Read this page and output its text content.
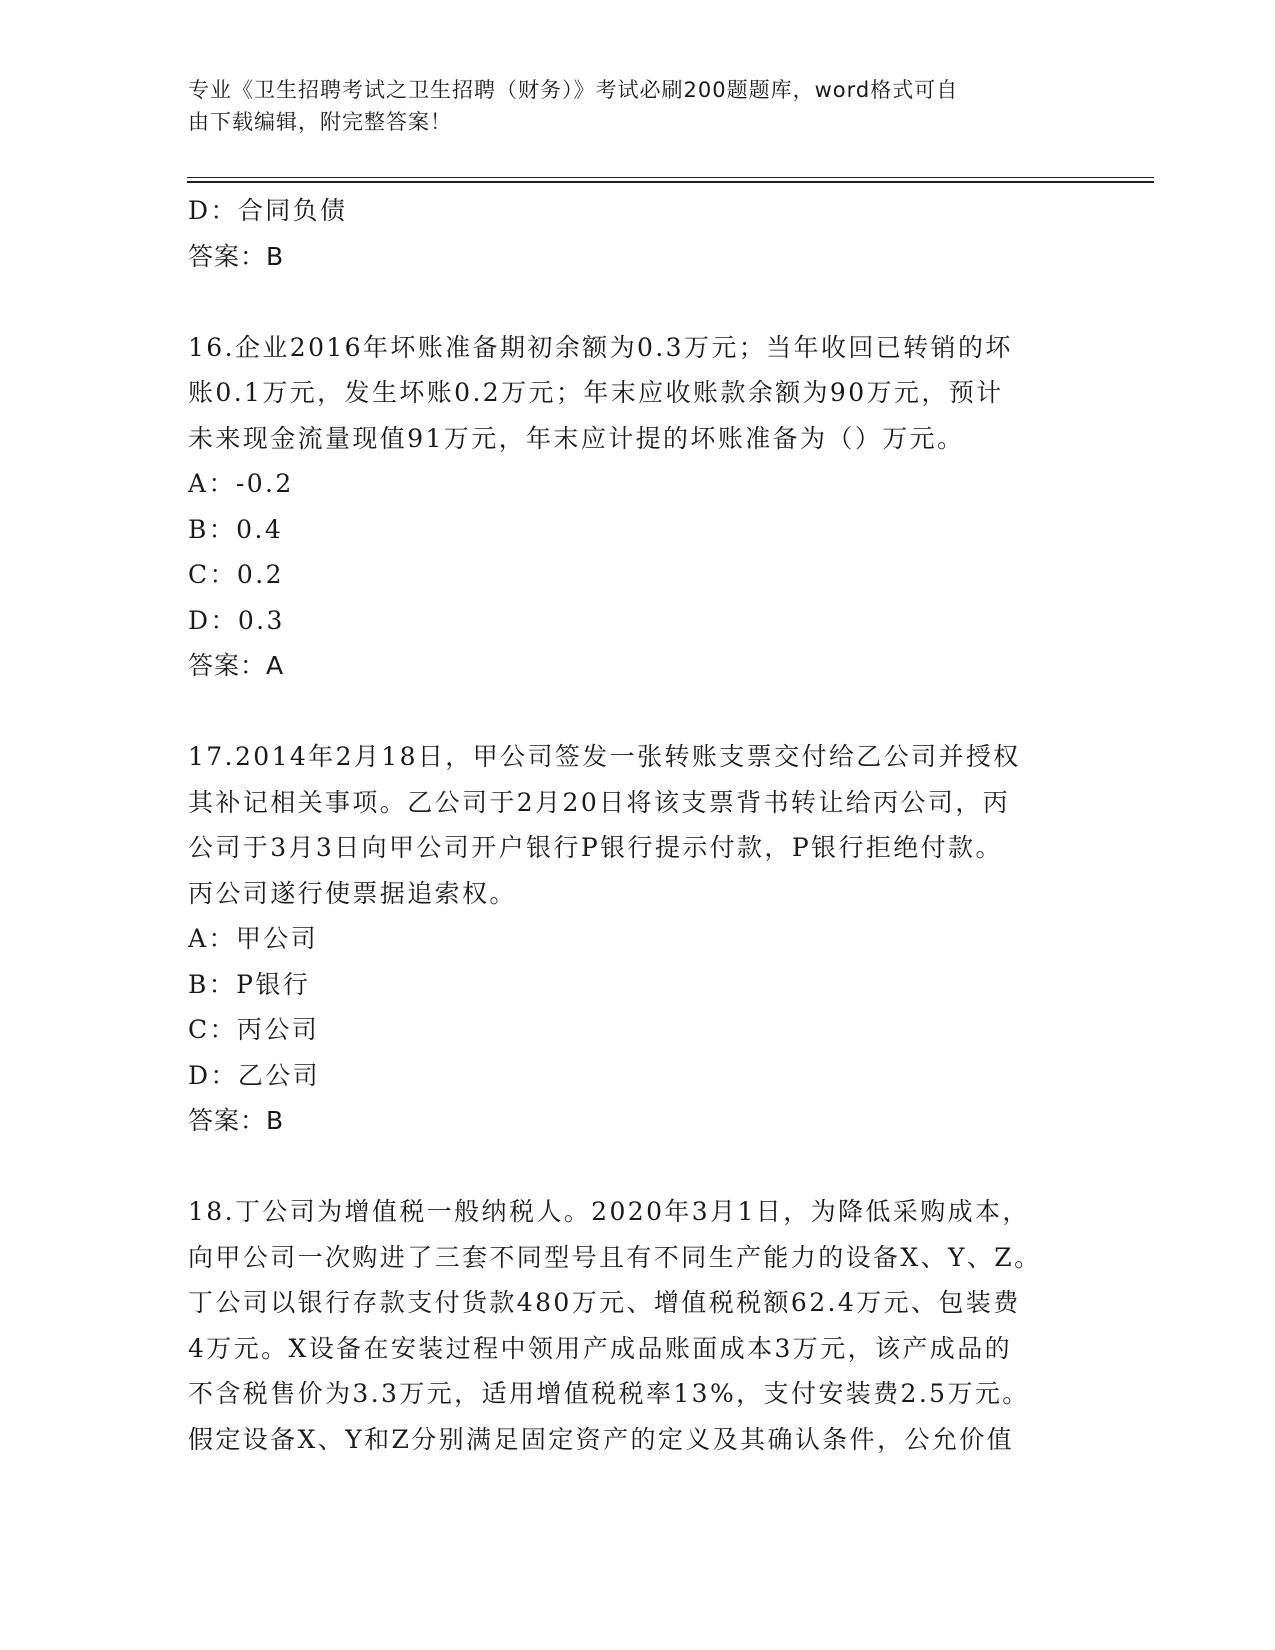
专业《卫生招聘考试之卫生招聘（财务）》考试必刷200题题库，word格式可自
由下载编辑，附完整答案！
D：合同负债
答案：B
16.企业2016年坏账准备期初余额为0.3万元；当年收回已转销的坏
账0.1万元，发生坏账0.2万元；年末应收账款余额为90万元，预计
未来现金流量现值91万元，年末应计提的坏账准备为（）万元。
A：-0.2
B：0.4
C：0.2
D：0.3
答案：A
17.2014年2月18日，甲公司签发一张转账支票交付给乙公司并授权
其补记相关事项。乙公司于2月20日将该支票背书转让给丙公司，丙
公司于3月3日向甲公司开户银行P银行提示付款，P银行拒绝付款。
丙公司遂行使票据追索权。
A：甲公司
B：P银行
C：丙公司
D：乙公司
答案：B
18.丁公司为增值税一般纳税人。2020年3月1日，为降低采购成本，
向甲公司一次购进了三套不同型号且有不同生产能力的设备X、Y、Z。
丁公司以银行存款支付货款480万元、增值税税额62.4万元、包装费
4万元。X设备在安装过程中领用产成品账面成本3万元，该产成品的
不含税售价为3.3万元，适用增值税税率13%，支付安装费2.5万元。
假定设备X、Y和Z分别满足固定资产的定义及其确认条件，公允价值
